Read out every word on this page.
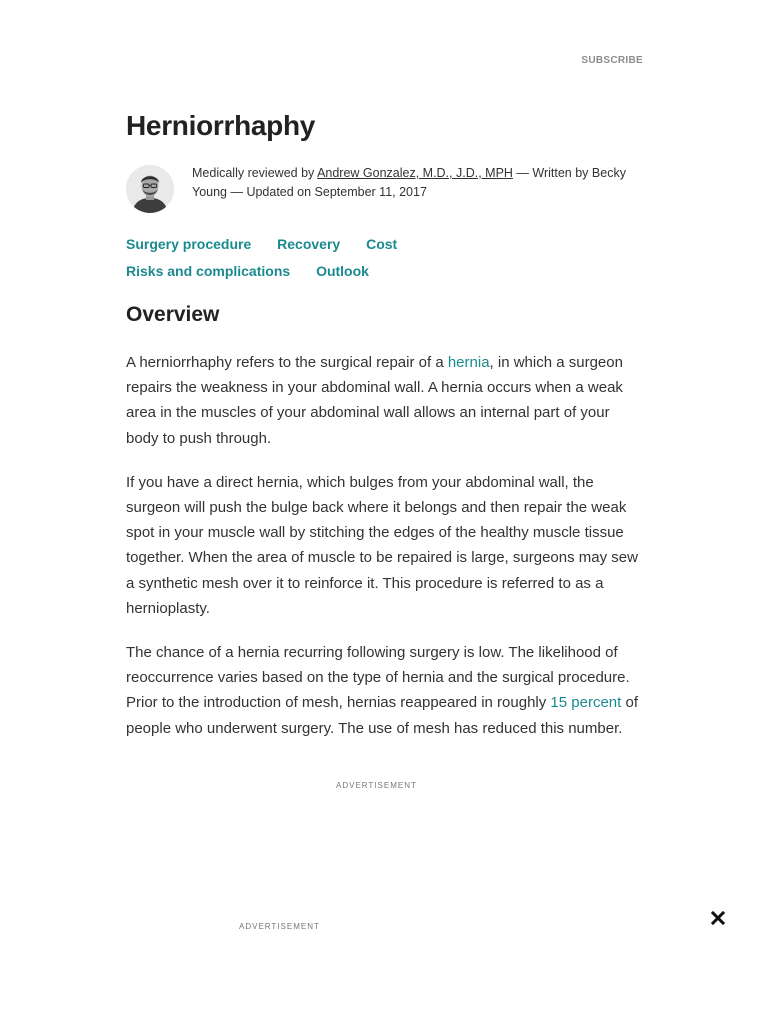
SUBSCRIBE
Herniorrhaphy
Medically reviewed by Andrew Gonzalez, M.D., J.D., MPH — Written by Becky Young — Updated on September 11, 2017
Surgery procedure Recovery Cost Risks and complications Outlook
Overview

A herniorrhaphy refers to the surgical repair of a hernia, in which a surgeon repairs the weakness in your abdominal wall. A hernia occurs when a weak area in the muscles of your abdominal wall allows an internal part of your body to push through.

If you have a direct hernia, which bulges from your abdominal wall, the surgeon will push the bulge back where it belongs and then repair the weak spot in your muscle wall by stitching the edges of the healthy muscle tissue together. When the area of muscle to be repaired is large, surgeons may sew a synthetic mesh over it to reinforce it. This procedure is referred to as a hernioplasty.

The chance of a hernia recurring following surgery is low. The likelihood of reoccurrence varies based on the type of hernia and the surgical procedure. Prior to the introduction of mesh, hernias reappeared in roughly 15 percent of people who underwent surgery. The use of mesh has reduced this number.

ADVERTISEMENT
ADVERTISEMENT
